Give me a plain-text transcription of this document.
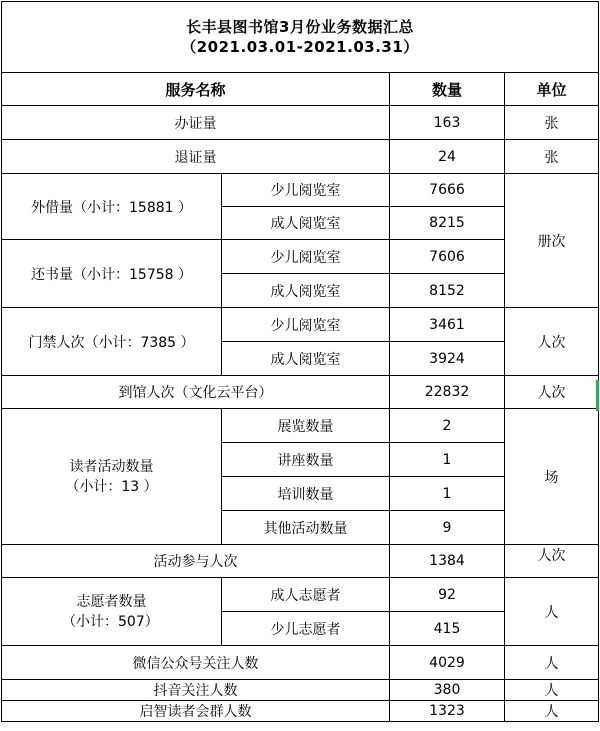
长丰县图书馆3月份业务数据汇总
（2021.03.01-2021.03.31）			

服务名称		数量	单位
办证量		163	张
退证量		24	张
外借量（小计：15881 ）	少儿阅览室	7666	册次
	成人阅览室	8215	
还书量（小计：15758 ）	少儿阅览室	7606	
	成人阅览室	8152	
门禁人次（小计：7385 ）	少儿阅览室	3461	人次
	成人阅览室	3924	
到馆人次（文化云平台）		22832	人次

读者活动数量
（小计：13 ）	展览数量	2	场
	讲座数量	1	
	培训数量	1	
	其他活动数量	9	
活动参与人次		1384	人次

志愿者数量
（小计：507）	成人志愿者	92	人
	少儿志愿者	415	
微信公众号关注人数		4029	人
抖音关注人数		380	人
启智读者会群人数		1323	人
